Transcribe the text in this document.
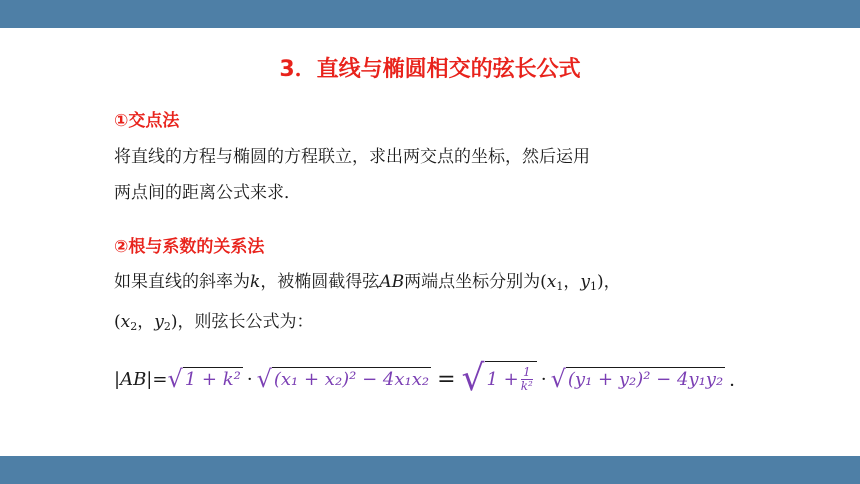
3．直线与椭圆相交的弦长公式
①交点法
将直线的方程与椭圆的方程联立，求出两交点的坐标，然后运用
两点间的距离公式来求．
②根与系数的关系法
如果直线的斜率为k，被椭圆截得弦AB两端点坐标分别为($x_1$，$y_1$)，
($x_2$，$y_2$)，则弦长公式为：
|AB|= √ 1 + k² · √ (x₁ + x₂)² − 4x₁x₂ = √ $1 + \frac{1}{\text{k²}}$ · √ (y₁ + y₂)² − 4y₁y₂ ．
